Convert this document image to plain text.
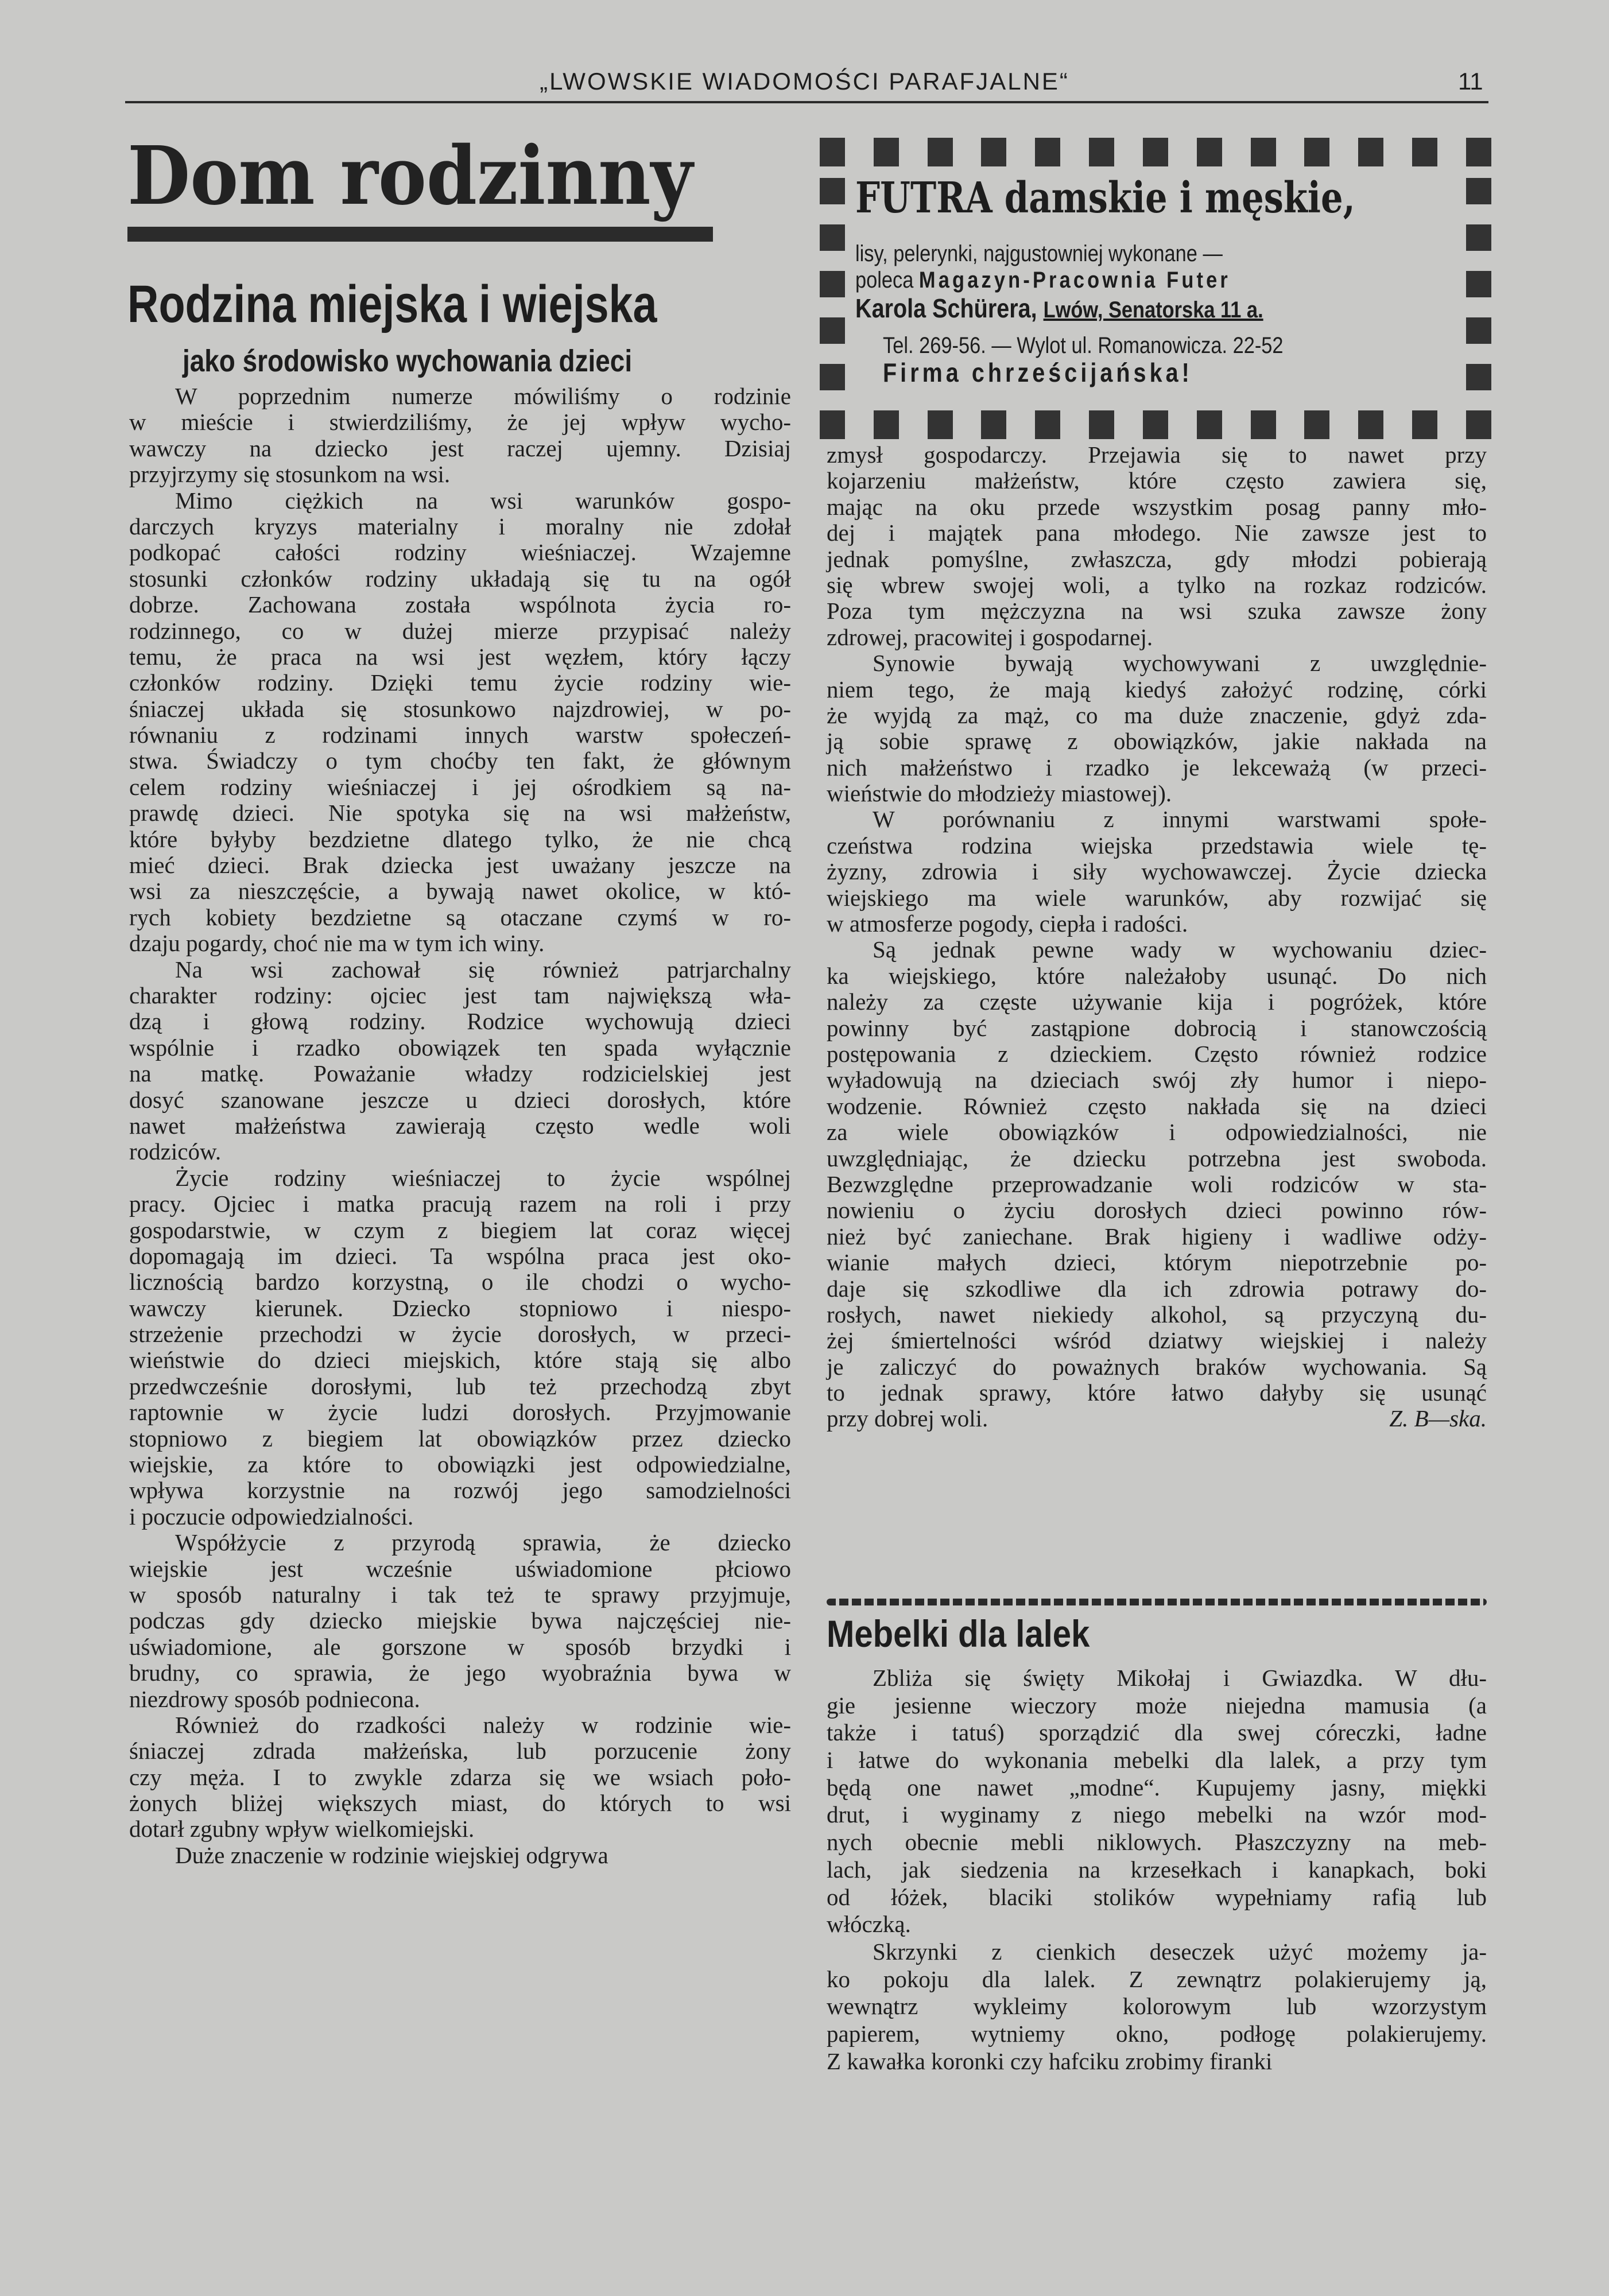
„LWOWSKIE WIADOMOŚCI PARAFJALNE“	11
Dom rodzinny
Rodzina miejska i wiejska
jako środowisko wychowania dzieci
W poprzednim numerze mówiliśmy o rodzinie
w mieście i stwierdziliśmy, że jej wpływ wycho-
wawczy na dziecko jest raczej ujemny. Dzisiaj
przyjrzymy się stosunkom na wsi.
Mimo ciężkich na wsi warunków gospo-
darczych kryzys materialny i moralny nie zdołał
podkopać całości rodziny wieśniaczej. Wzajemne
stosunki członków rodziny układają się tu na ogół
dobrze. Zachowana została wspólnota życia ro-
rodzinnego, co w dużej mierze przypisać należy
temu, że praca na wsi jest węzłem, który łączy
członków rodziny. Dzięki temu życie rodziny wie-
śniaczej układa się stosunkowo najzdrowiej, w po-
równaniu z rodzinami innych warstw społeczeń-
stwa. Świadczy o tym choćby ten fakt, że głównym
celem rodziny wieśniaczej i jej ośrodkiem są na-
prawdę dzieci. Nie spotyka się na wsi małżeństw,
które byłyby bezdzietne dlatego tylko, że nie chcą
mieć dzieci. Brak dziecka jest uważany jeszcze na
wsi za nieszczęście, a bywają nawet okolice, w któ-
rych kobiety bezdzietne są otaczane czymś w ro-
dzaju pogardy, choć nie ma w tym ich winy.
Na wsi zachował się również patrjarchalny
charakter rodziny: ojciec jest tam największą wła-
dzą i głową rodziny. Rodzice wychowują dzieci
wspólnie i rzadko obowiązek ten spada wyłącznie
na matkę. Poważanie władzy rodzicielskiej jest
dosyć szanowane jeszcze u dzieci dorosłych, które
nawet małżeństwa zawierają często wedle woli
rodziców.
Życie rodziny wieśniaczej to życie wspólnej
pracy. Ojciec i matka pracują razem na roli i przy
gospodarstwie, w czym z biegiem lat coraz więcej
dopomagają im dzieci. Ta wspólna praca jest oko-
licznością bardzo korzystną, o ile chodzi o wycho-
wawczy kierunek. Dziecko stopniowo i niespo-
strzeżenie przechodzi w życie dorosłych, w przeci-
wieństwie do dzieci miejskich, które stają się albo
przedwcześnie dorosłymi, lub też przechodzą zbyt
raptownie w życie ludzi dorosłych. Przyjmowanie
stopniowo z biegiem lat obowiązków przez dziecko
wiejskie, za które to obowiązki jest odpowiedzialne,
wpływa korzystnie na rozwój jego samodzielności
i poczucie odpowiedzialności.
Współżycie z przyrodą sprawia, że dziecko
wiejskie jest wcześnie uświadomione płciowo
w sposób naturalny i tak też te sprawy przyjmuje,
podczas gdy dziecko miejskie bywa najczęściej nie-
uświadomione, ale gorszone w sposób brzydki i
brudny, co sprawia, że jego wyobraźnia bywa w
niezdrowy sposób podniecona.
Również do rzadkości należy w rodzinie wie-
śniaczej zdrada małżeńska, lub porzucenie żony
czy męża. I to zwykle zdarza się we wsiach poło-
żonych bliżej większych miast, do których to wsi
dotarł zgubny wpływ wielkomiejski.
Duże znaczenie w rodzinie wiejskiej odgrywa
zmysł gospodarczy. Przejawia się to nawet przy
kojarzeniu małżeństw, które często zawiera się,
mając na oku przede wszystkim posag panny mło-
dej i majątek pana młodego. Nie zawsze jest to
jednak pomyślne, zwłaszcza, gdy młodzi pobierają
się wbrew swojej woli, a tylko na rozkaz rodziców.
Poza tym mężczyzna na wsi szuka zawsze żony
zdrowej, pracowitej i gospodarnej.
Synowie bywają wychowywani z uwzględnie-
niem tego, że mają kiedyś założyć rodzinę, córki
że wyjdą za mąż, co ma duże znaczenie, gdyż zda-
ją sobie sprawę z obowiązków, jakie nakłada na
nich małżeństwo i rzadko je lekceważą (w przeci-
wieństwie do młodzieży miastowej).
W porównaniu z innymi warstwami społe-
czeństwa rodzina wiejska przedstawia wiele tę-
żyzny, zdrowia i siły wychowawczej. Życie dziecka
wiejskiego ma wiele warunków, aby rozwijać się
w atmosferze pogody, ciepła i radości.
Są jednak pewne wady w wychowaniu dziec-
ka wiejskiego, które należałoby usunąć. Do nich
należy za częste używanie kija i pogróżek, które
powinny być zastąpione dobrocią i stanowczością
postępowania z dzieckiem. Często również rodzice
wyładowują na dzieciach swój zły humor i niepo-
wodzenie. Również często nakłada się na dzieci
za wiele obowiązków i odpowiedzialności, nie
uwzględniając, że dziecku potrzebna jest swoboda.
Bezwzględne przeprowadzanie woli rodziców w sta-
nowieniu o życiu dorosłych dzieci powinno rów-
nież być zaniechane. Brak higieny i wadliwe odży-
wianie małych dzieci, którym niepotrzebnie po-
daje się szkodliwe dla ich zdrowia potrawy do-
rosłych, nawet niekiedy alkohol, są przyczyną du-
żej śmiertelności wśród dziatwy wiejskiej i należy
je zaliczyć do poważnych braków wychowania. Są
to jednak sprawy, które łatwo dałyby się usunąć
przy dobrej woli.	Z. B—ska.
FUTRA damskie i męskie,
lisy, pelerynki, najgustowniej wykonane —
poleca Magazyn-Pracownia Futer
Karola Schürera, Lwów, Senatorska 11 a.
Tel. 269-56. — Wylot ul. Romanowicza. 22-52
Firma chrześcijańska!
Mebelki dla lalek
Zbliża się święty Mikołaj i Gwiazdka. W dłu-
gie jesienne wieczory może niejedna mamusia (a
także i tatuś) sporządzić dla swej córeczki, ładne
i łatwe do wykonania mebelki dla lalek, a przy tym
będą one nawet „modne“. Kupujemy jasny, miękki
drut, i wyginamy z niego mebelki na wzór mod-
nych obecnie mebli niklowych. Płaszczyzny na meb-
lach, jak siedzenia na krzesełkach i kanapkach, boki
od łóżek, blaciki stolików wypełniamy rafią lub
włóczką.
Skrzynki z cienkich deseczek użyć możemy ja-
ko pokoju dla lalek. Z zewnątrz polakierujemy ją,
wewnątrz wykleimy kolorowym lub wzorzystym
papierem, wytniemy okno, podłogę polakierujemy.
Z kawałka koronki czy hafciku zrobimy firanki
